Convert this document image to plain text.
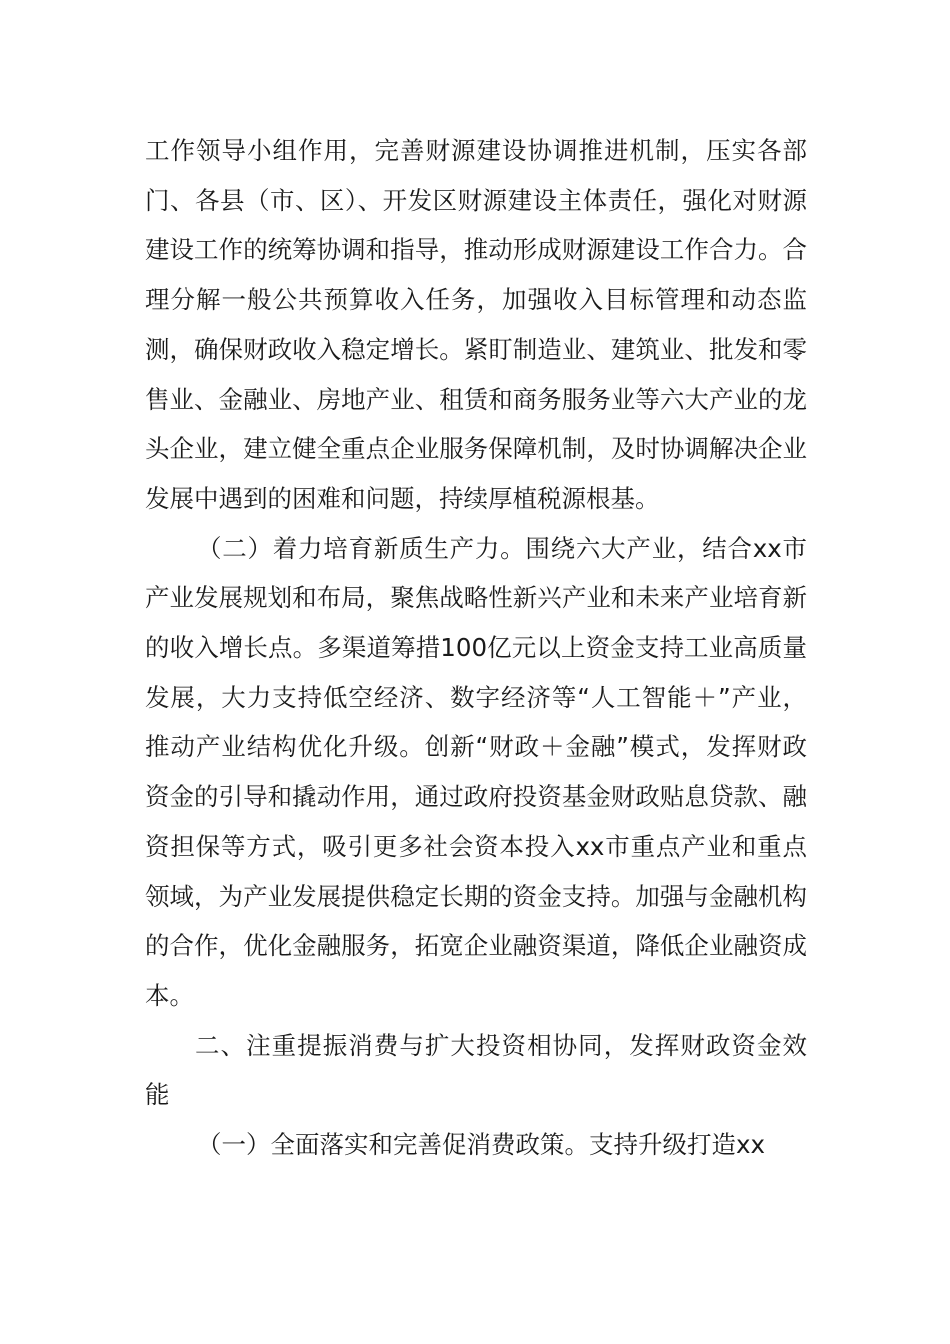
工作领导小组作用，完善财源建设协调推进机制，压实各部门、各县（市、区）、开发区财源建设主体责任，强化对财源建设工作的统筹协调和指导，推动形成财源建设工作合力。合理分解一般公共预算收入任务，加强收入目标管理和动态监测，确保财政收入稳定增长。紧盯制造业、建筑业、批发和零售业、金融业、房地产业、租赁和商务服务业等六大产业的龙头企业，建立健全重点企业服务保障机制，及时协调解决企业发展中遇到的困难和问题，持续厚植税源根基。

（二）着力培育新质生产力。围绕六大产业，结合xx市产业发展规划和布局，聚焦战略性新兴产业和未来产业培育新的收入增长点。多渠道筹措100亿元以上资金支持工业高质量发展，大力支持低空经济、数字经济等“人工智能＋”产业，推动产业结构优化升级。创新“财政＋金融”模式，发挥财政资金的引导和撬动作用，通过政府投资基金财政贴息贷款、融资担保等方式，吸引更多社会资本投入xx市重点产业和重点领域，为产业发展提供稳定长期的资金支持。加强与金融机构的合作，优化金融服务，拓宽企业融资渠道，降低企业融资成本。

二、注重提振消费与扩大投资相协同，发挥财政资金效能

（一）全面落实和完善促消费政策。支持升级打造xx
